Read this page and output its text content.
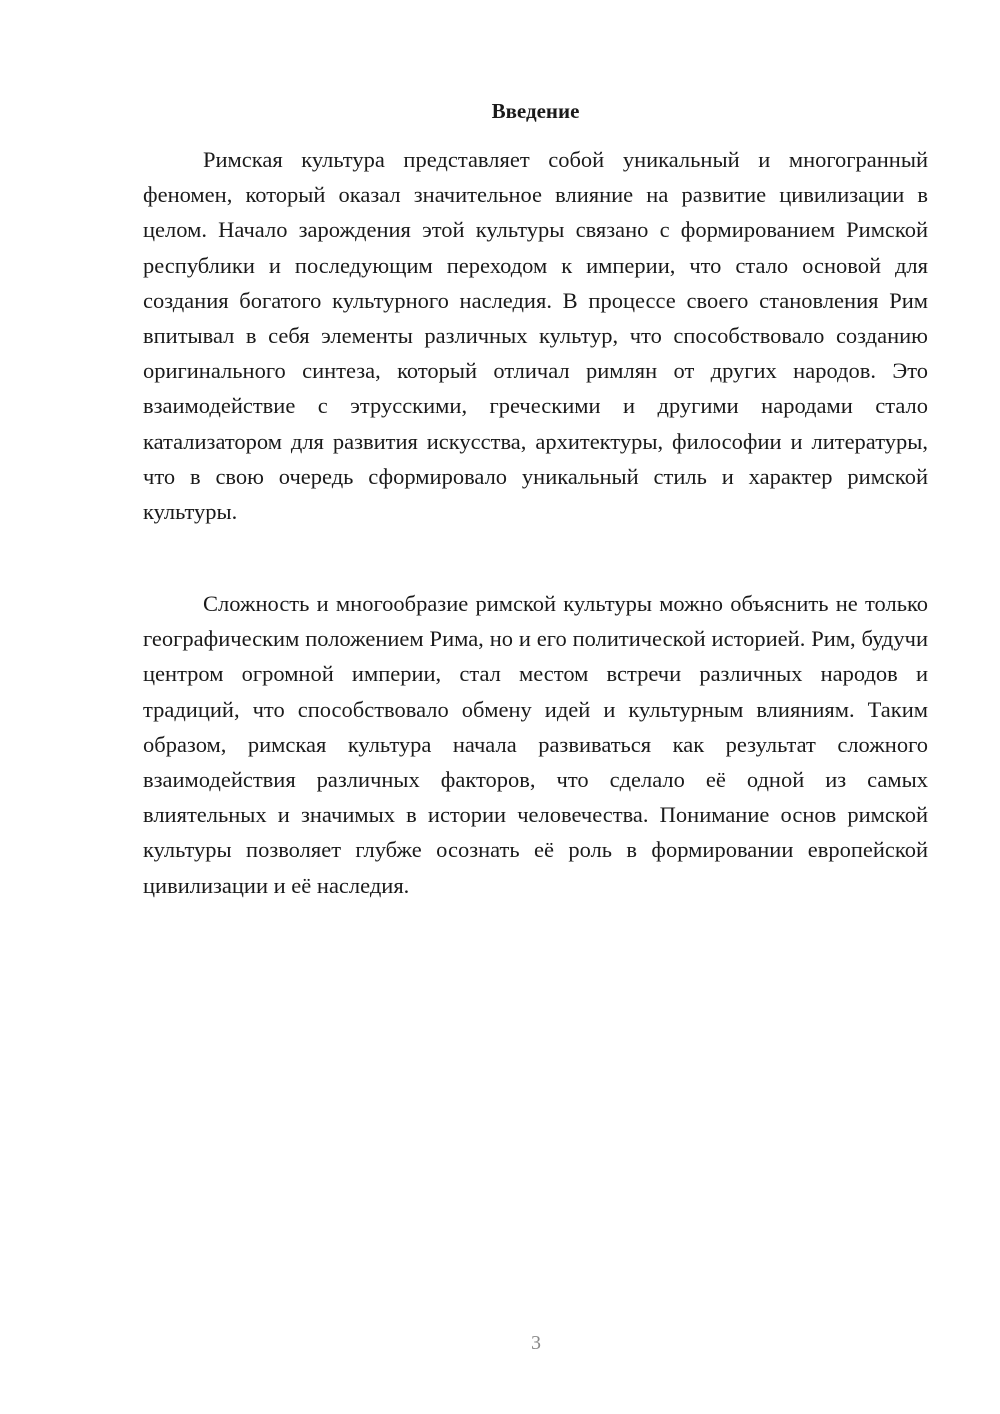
Введение

Римская культура представляет собой уникальный и многогранный феномен, который оказал значительное влияние на развитие цивилизации в целом. Начало зарождения этой культуры связано с формированием Римской республики и последующим переходом к империи, что стало основой для создания богатого культурного наследия. В процессе своего становления Рим впитывал в себя элементы различных культур, что способствовало созданию оригинального синтеза, который отличал римлян от других народов. Это взаимодействие с этрусскими, греческими и другими народами стало катализатором для развития искусства, архитектуры, философии и литературы, что в свою очередь сформировало уникальный стиль и характер римской культуры.

Сложность и многообразие римской культуры можно объяснить не только географическим положением Рима, но и его политической историей. Рим, будучи центром огромной империи, стал местом встречи различных народов и традиций, что способствовало обмену идей и культурным влияниям. Таким образом, римская культура начала развиваться как результат сложного взаимодействия различных факторов, что сделало её одной из самых влиятельных и значимых в истории человечества. Понимание основ римской культуры позволяет глубже осознать её роль в формировании европейской цивилизации и её наследия.

3
